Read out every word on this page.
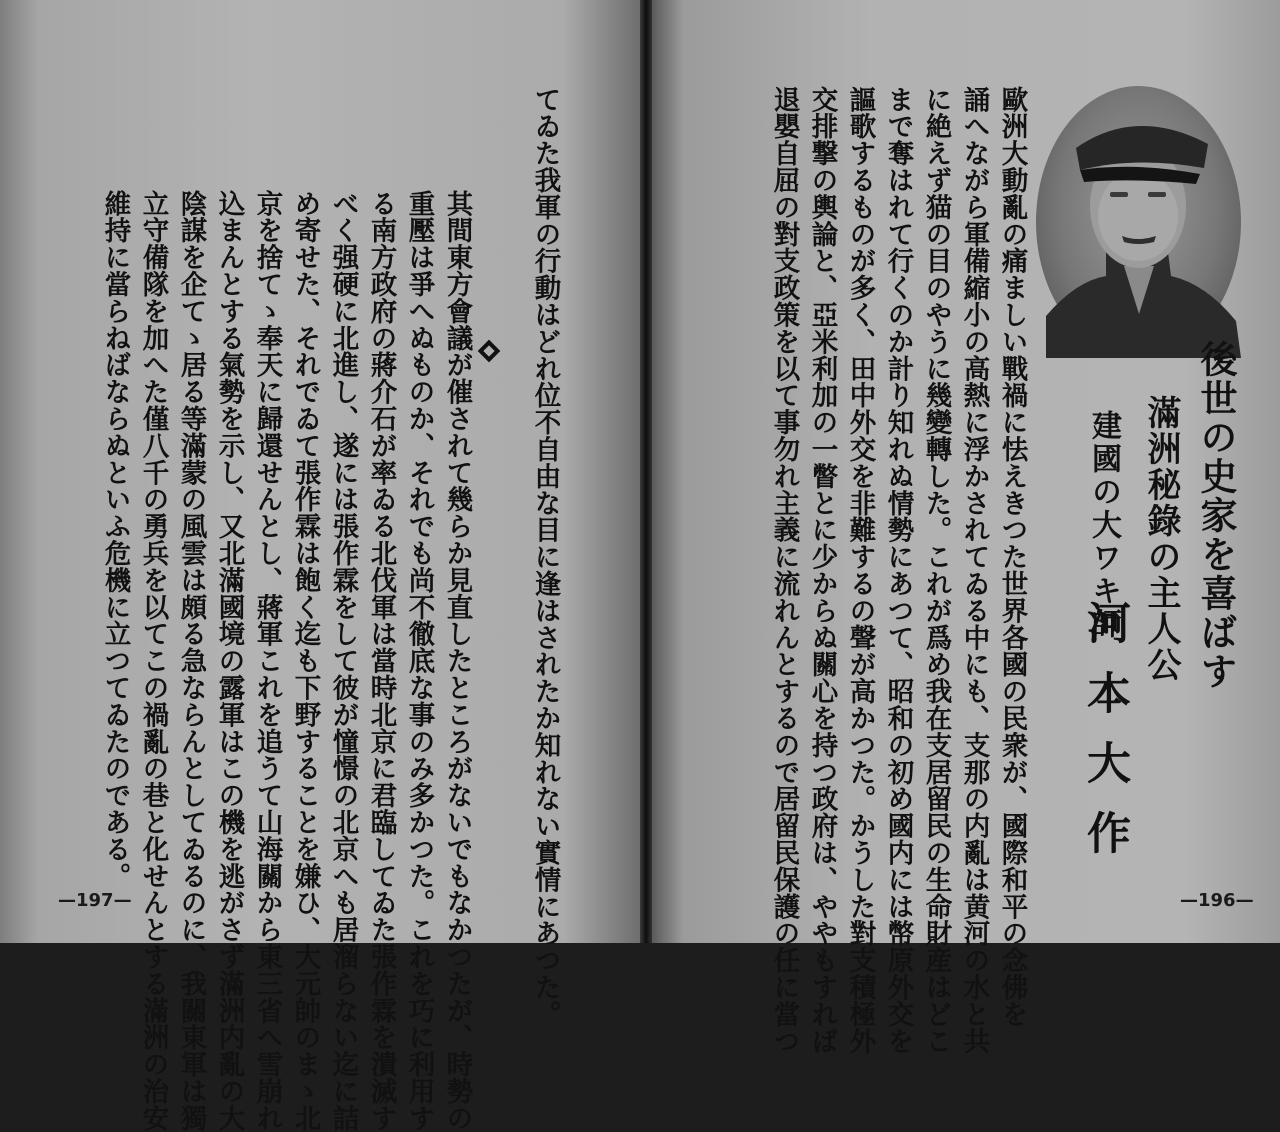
てゐた我軍の行動はどれ位不自由な目に逢はされたか知れない實情にあつた。
其間東方會議が催されて幾らか見直したところがないでもなかつたが、時勢の
重壓は爭へぬものか、それでも尚不徹底な事のみ多かつた。これを巧に利用す
る南方政府の蔣介石が率ゐる北伐軍は當時北京に君臨してゐた張作霖を潰滅す
べく强硬に北進し、遂には張作霖をして彼が憧憬の北京へも居溜らない迄に詰
め寄せた、それでゐて張作霖は飽く迄も下野することを嫌ひ、大元帥のまゝ北
京を捨てゝ奉天に歸還せんとし、蔣軍これを追うて山海關から東三省へ雪崩れ
込まんとする氣勢を示し、又北滿國境の露軍はこの機を逃がさず滿洲内亂の大
陰謀を企てゝ居る等滿蒙の風雲は頗る急ならんとしてゐるのに、我關東軍は獨
立守備隊を加へた僅八千の勇兵を以てこの禍亂の巷と化せんとする滿洲の治安
維持に當らねばならぬといふ危機に立つてゐたのである。
—197—	歐洲大動亂の痛ましい戰禍に怯えきつた世界各國の民衆が、國際和平の念佛を
誦へながら軍備縮小の高熱に浮かされてゐる中にも、支那の内亂は黄河の水と共
に絶えず猫の目のやうに幾變轉した。これが爲め我在支居留民の生命財産はどこ
まで奪はれて行くのか計り知れぬ情勢にあつて、昭和の初め國内には幣原外交を
謳歌するものが多く、田中外交を非難するの聲が高かつた。かうした對支積極外
交排撃の輿論と、亞米利加の一瞥とに少からぬ關心を持つ政府は、ややもすれば
退嬰自屈の對支政策を以て事勿れ主義に流れんとするので居留民保護の任に當つ	後世の史家を喜ばす
滿洲秘錄の主人公
建國の大ワキ師
河本大作
—196—
